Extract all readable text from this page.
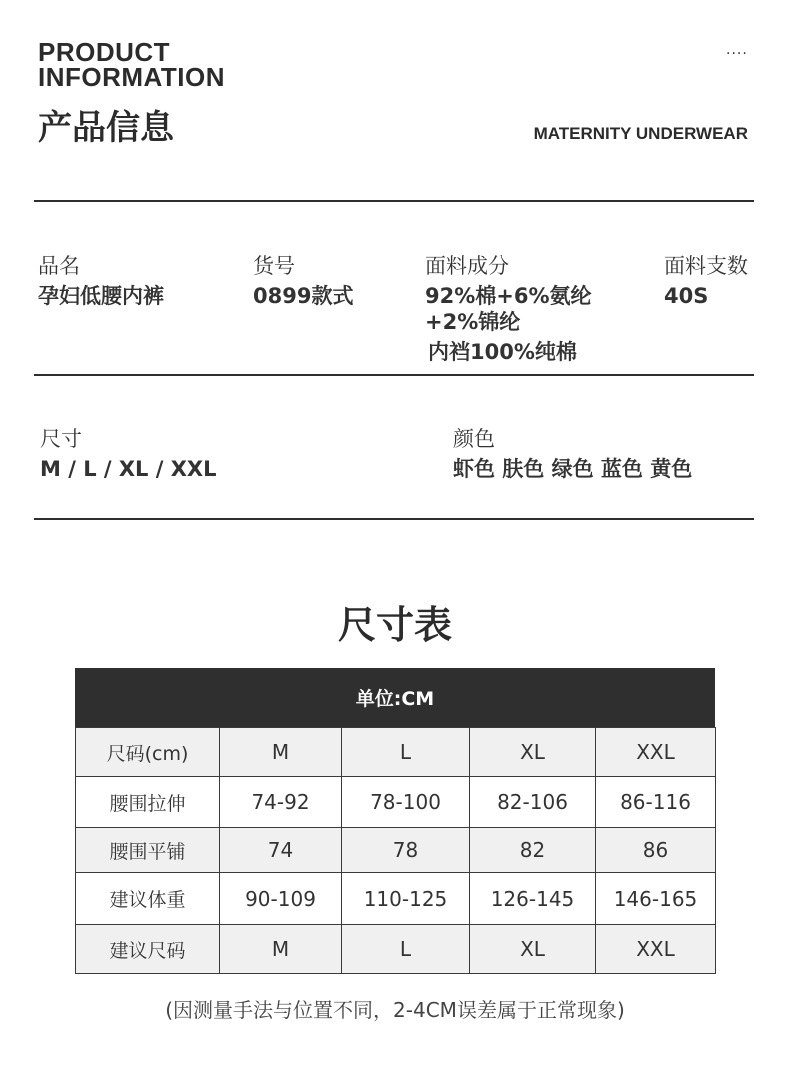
PRODUCT
INFORMATION
产品信息
....
MATERNITY UNDERWEAR
品名
孕妇低腰内裤
货号
0899款式
面料成分
92%棉+6%氨纶
+2%锦纶
内裆100%纯棉
面料支数
40S
尺寸
M / L / XL / XXL
颜色
虾色 肤色 绿色 蓝色 黄色
尺寸表
单位:CM
尺码(cm)	M	L	XL	XXL
腰围拉伸	74-92	78-100	82-106	86-116
腰围平铺	74	78	82	86
建议体重	90-109	110-125	126-145	146-165
建议尺码	M	L	XL	XXL
(因测量手法与位置不同，2-4CM误差属于正常现象)
